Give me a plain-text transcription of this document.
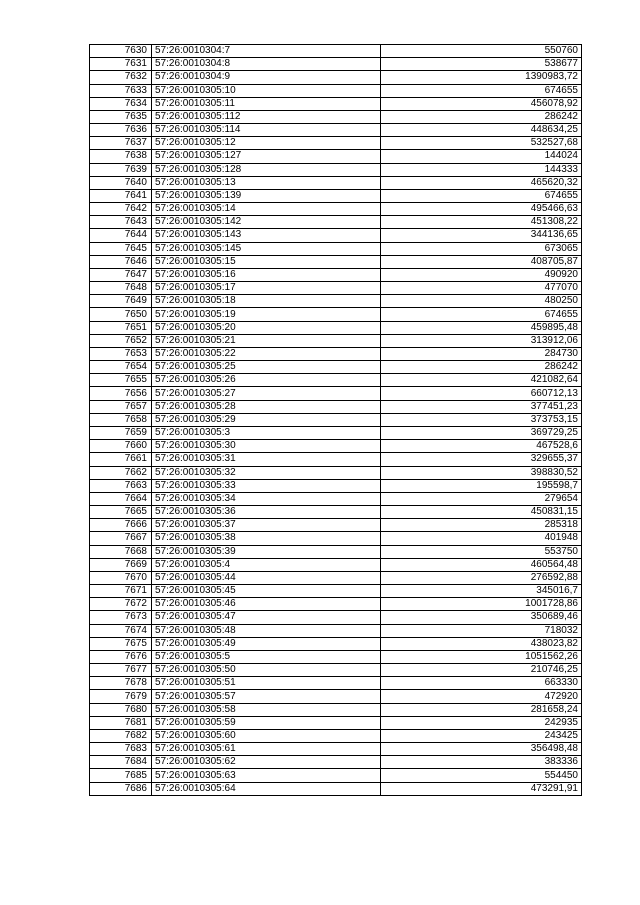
7630	57:26:0010304:7	550760
7631	57:26:0010304:8	538677
7632	57:26:0010304:9	1390983,72
7633	57:26:0010305:10	674655
7634	57:26:0010305:11	456078,92
7635	57:26:0010305:112	286242
7636	57:26:0010305:114	448634,25
7637	57:26:0010305:12	532527,68
7638	57:26:0010305:127	144024
7639	57:26:0010305:128	144333
7640	57:26:0010305:13	465620,32
7641	57:26:0010305:139	674655
7642	57:26:0010305:14	495466,63
7643	57:26:0010305:142	451308,22
7644	57:26:0010305:143	344136,65
7645	57:26:0010305:145	673065
7646	57:26:0010305:15	408705,87
7647	57:26:0010305:16	490920
7648	57:26:0010305:17	477070
7649	57:26:0010305:18	480250
7650	57:26:0010305:19	674655
7651	57:26:0010305:20	459895,48
7652	57:26:0010305:21	313912,06
7653	57:26:0010305:22	284730
7654	57:26:0010305:25	286242
7655	57:26:0010305:26	421082,64
7656	57:26:0010305:27	660712,13
7657	57:26:0010305:28	377451,23
7658	57:26:0010305:29	373753,15
7659	57:26:0010305:3	369729,25
7660	57:26:0010305:30	467528,6
7661	57:26:0010305:31	329655,37
7662	57:26:0010305:32	398830,52
7663	57:26:0010305:33	195598,7
7664	57:26:0010305:34	279654
7665	57:26:0010305:36	450831,15
7666	57:26:0010305:37	285318
7667	57:26:0010305:38	401948
7668	57:26:0010305:39	553750
7669	57:26:0010305:4	460564,48
7670	57:26:0010305:44	276592,88
7671	57:26:0010305:45	345016,7
7672	57:26:0010305:46	1001728,86
7673	57:26:0010305:47	350689,46
7674	57:26:0010305:48	718032
7675	57:26:0010305:49	438023,82
7676	57:26:0010305:5	1051562,26
7677	57:26:0010305:50	210746,25
7678	57:26:0010305:51	663330
7679	57:26:0010305:57	472920
7680	57:26:0010305:58	281658,24
7681	57:26:0010305:59	242935
7682	57:26:0010305:60	243425
7683	57:26:0010305:61	356498,48
7684	57:26:0010305:62	383336
7685	57:26:0010305:63	554450
7686	57:26:0010305:64	473291,91
